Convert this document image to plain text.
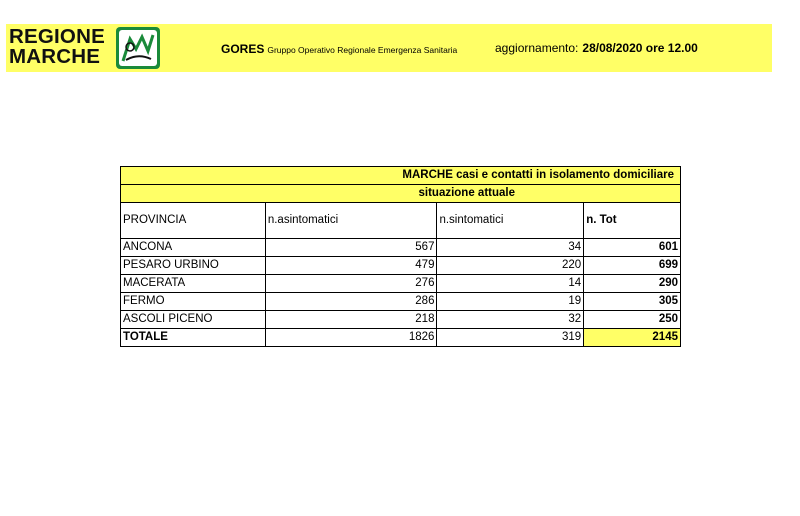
REGIONE
MARCHE	GORES Gruppo Operativo Regionale Emergenza Sanitaria	aggiornamento: 28/08/2020 ore 12.00
MARCHE casi e contatti in isolamento domiciliare			
situazione attuale			
PROVINCIA	n.asintomatici	n.sintomatici	n. Tot
ANCONA	567	34	601
PESARO URBINO	479	220	699
MACERATA	276	14	290
FERMO	286	19	305
ASCOLI PICENO	218	32	250
TOTALE	1826	319	2145
